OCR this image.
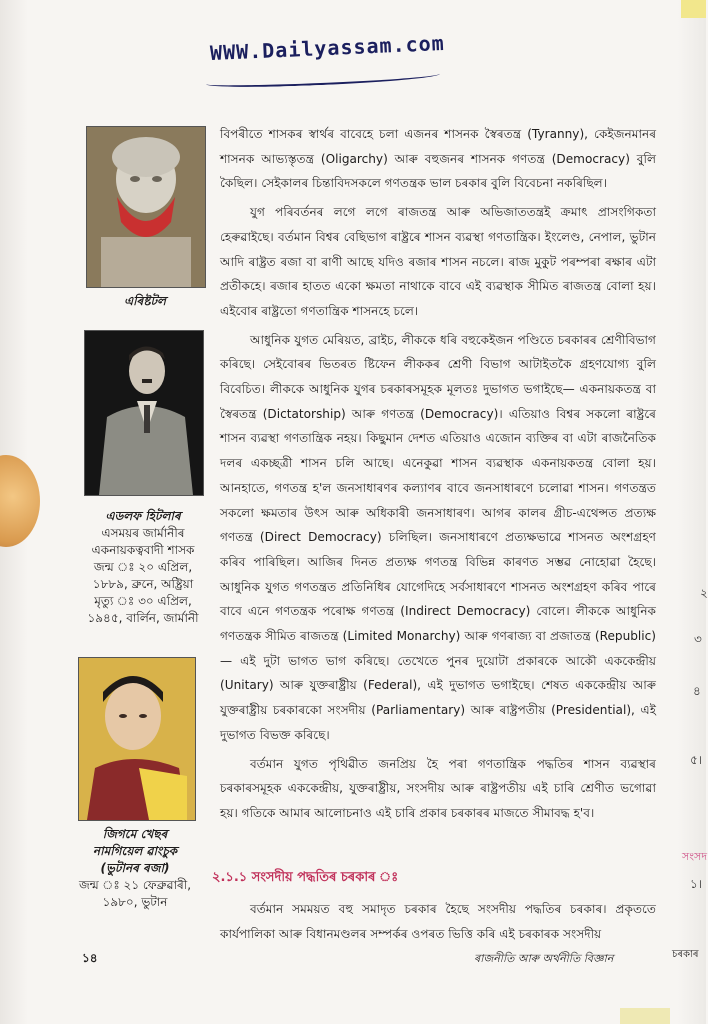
WWW.Dailyassam.com
এৰিষ্টটল
এডলফ হিটলাৰ
এসময়ৰ জাৰ্মানীৰ
একনায়কত্ববাদী শাসক
জন্ম ঃ ২০ এপ্ৰিল,
১৮৮৯, ব্ৰুনে, অষ্ট্ৰিয়া
মৃত্যু ঃ ৩০ এপ্ৰিল,
১৯৪৫, বাৰ্লিন, জাৰ্মানী
জিগমে খেছৰ
নামগিয়েল ৱাংচুক
(ভুটানৰ ৰজা)
জন্ম ঃ ২১ ফেব্ৰুৱাৰী,
১৯৮০, ভুটান

বিপৰীতে শাসকৰ স্বাৰ্থৰ বাবেহে চলা এজনৰ শাসনক স্বৈৰতন্ত্ৰ (Tyranny), কেইজনমানৰ শাসনক আভ্যস্তৃতন্ত্ৰ (Oligarchy) আৰু বহুজনৰ শাসনক গণতন্ত্ৰ (Democracy) বুলি কৈছিল। সেইকালৰ চিন্তাবিদসকলে গণতন্ত্ৰক ভাল চৰকাৰ বুলি বিবেচনা নকৰিছিল।

যুগ পৰিবৰ্তনৰ লগে লগে ৰাজতন্ত্ৰ আৰু অভিজাততন্ত্ৰই ক্ৰমাৎ প্ৰাসংগিকতা হেৰুৱাইছে। বৰ্তমান বিশ্বৰ বেছিভাগ ৰাষ্ট্ৰৰে শাসন ব্যৱস্থা গণতান্ত্ৰিক। ইংলেণ্ড, নেপাল, ভুটান আদি ৰাষ্ট্ৰত ৰজা বা ৰাণী আছে যদিও ৰজাৰ শাসন নচলে। ৰাজ মুকুট পৰম্পৰা ৰক্ষাৰ এটা প্ৰতীকহে। ৰজাৰ হাতত একো ক্ষমতা নাথাকে বাবে এই ব্যৱস্থাক সীমিত ৰাজতন্ত্ৰ বোলা হয়। এইবোৰ ৰাষ্ট্ৰতো গণতান্ত্ৰিক শাসনহে চলে।

আধুনিক যুগত মেৰিয়ত, ব্ৰাইচ, লীককে ধৰি বহুকেইজন পণ্ডিতে চৰকাৰৰ শ্ৰেণীবিভাগ কৰিছে। সেইবোৰৰ ভিতৰত ষ্টিফেন লীককৰ শ্ৰেণী বিভাগ আটাইতকৈ গ্ৰহণযোগ্য বুলি বিবেচিত। লীককে আধুনিক যুগৰ চৰকাৰসমূহক মূলতঃ দুভাগত ভগাইছে— একনায়কতন্ত্ৰ বা স্বৈৰতন্ত্ৰ (Dictatorship) আৰু গণতন্ত্ৰ (Democracy)। এতিয়াও বিশ্বৰ সকলো ৰাষ্ট্ৰৰে শাসন ব্যৱস্থা গণতান্ত্ৰিক নহয়। কিছুমান দেশত এতিয়াও এজোন ব্যক্তিৰ বা এটা ৰাজনৈতিক দলৰ একচ্ছত্ৰী শাসন চলি আছে। এনেকুৱা শাসন ব্যৱস্থাক একনায়কতন্ত্ৰ বোলা হয়। আনহাতে, গণতন্ত্ৰ হ'ল জনসাধাৰণৰ কল্যাণৰ বাবে জনসাধাৰণে চলোৱা শাসন। গণতন্ত্ৰত সকলো ক্ষমতাৰ উৎস আৰু অধিকাৰী জনসাধাৰণ। আগৰ কালৰ গ্ৰীচ-এথেন্সত প্ৰত্যক্ষ গণতন্ত্ৰ (Direct Democracy) চলিছিল। জনসাধাৰণে প্ৰত্যক্ষভাৱে শাসনত অংশগ্ৰহণ কৰিব পাৰিছিল। আজিৰ দিনত প্ৰত্যক্ষ গণতন্ত্ৰ বিভিন্ন কাৰণত সম্ভৱ নোহোৱা হৈছে। আধুনিক যুগত গণতন্ত্ৰত প্ৰতিনিধিৰ যোগেদিহে সৰ্বসাধাৰণে শাসনত অংশগ্ৰহণ কৰিব পাৰে বাবে এনে গণতন্ত্ৰক পৰোক্ষ গণতন্ত্ৰ (Indirect Democracy) বোলে। লীককে আধুনিক গণতন্ত্ৰক সীমিত ৰাজতন্ত্ৰ (Limited Monarchy) আৰু গণৰাজ্য বা প্ৰজাতন্ত্ৰ (Republic)— এই দুটা ভাগত ভাগ কৰিছে। তেখেতে পুনৰ দুয়োটা প্ৰকাৰকে আকৌ এককেন্দ্ৰীয় (Unitary) আৰু যুক্তৰাষ্ট্ৰীয় (Federal), এই দুভাগত ভগাইছে। শেষত এককেন্দ্ৰীয় আৰু যুক্তৰাষ্ট্ৰীয় চৰকাৰকো সংসদীয় (Parliamentary) আৰু ৰাষ্ট্ৰপতীয় (Presidential), এই দুভাগত বিভক্ত কৰিছে।

বৰ্তমান যুগত পৃথিৱীত জনপ্ৰিয় হৈ পৰা গণতান্ত্ৰিক পদ্ধতিৰ শাসন ব্যৱস্থাৰ চৰকাৰসমূহক এককেন্দ্ৰীয়, যুক্তৰাষ্ট্ৰীয়, সংসদীয় আৰু ৰাষ্ট্ৰপতীয় এই চাৰি শ্ৰেণীত ভগোৱা হয়। গতিকে আমাৰ আলোচনাও এই চাৰি প্ৰকাৰ চৰকাৰৰ মাজতে সীমাবদ্ধ হ'ব।

২.১.১ সংসদীয় পদ্ধতিৰ চৰকাৰ ঃ

বৰ্তমান সমময়ত বহু সমাদৃত চৰকাৰ হৈছে সংসদীয় পদ্ধতিৰ চৰকাৰ। প্ৰকৃততে কাৰ্যপালিকা আৰু বিধানমণ্ডলৰ সম্পৰ্কৰ ওপৰত ভিত্তি কৰি এই চৰকাৰক সংসদীয়

২
৩
৪
৫।
সংসদ
১।
১৪	ৰাজনীতি আৰু অৰ্থনীতি বিজ্ঞান	চৰকাৰ
